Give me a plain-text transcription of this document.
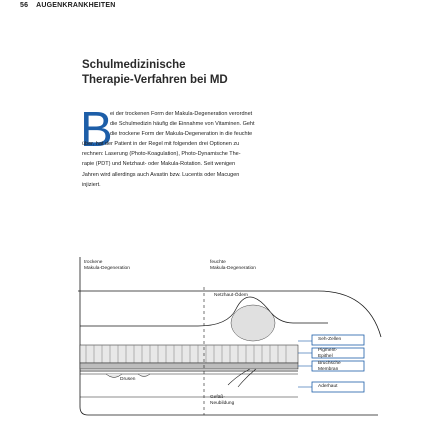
56 AUGENKRANKHEITEN
Schulmedizinische
Therapie-Verfahren bei MD
B
ei der trockenen Form der Makula-Degeneration verordnet
die Schulmedizin häufig die Einnahme von Vitaminen. Geht
die trockene Form der Makula-Degeneration in die feuchte
über, hat der Patient in der Regel mit folgenden drei Optionen zu
rechnen: Laserung (Photo-Koagulation), Photo-Dynamische The-
rapie (PDT) und Netzhaut- oder Makula-Rotation. Seit wenigen
Jahren wird allerdings auch Avastin bzw. Lucentis oder Macugen
injiziert.
trockene
Makula-Degeneration
feuchte
Makula-Degeneration
Netzhaut-Ödem
Seh-Zellen
Pigment-
Epithel
Bruchsche
Membran
Aderhaut
Drusen
Gefäß-
Neubildung
